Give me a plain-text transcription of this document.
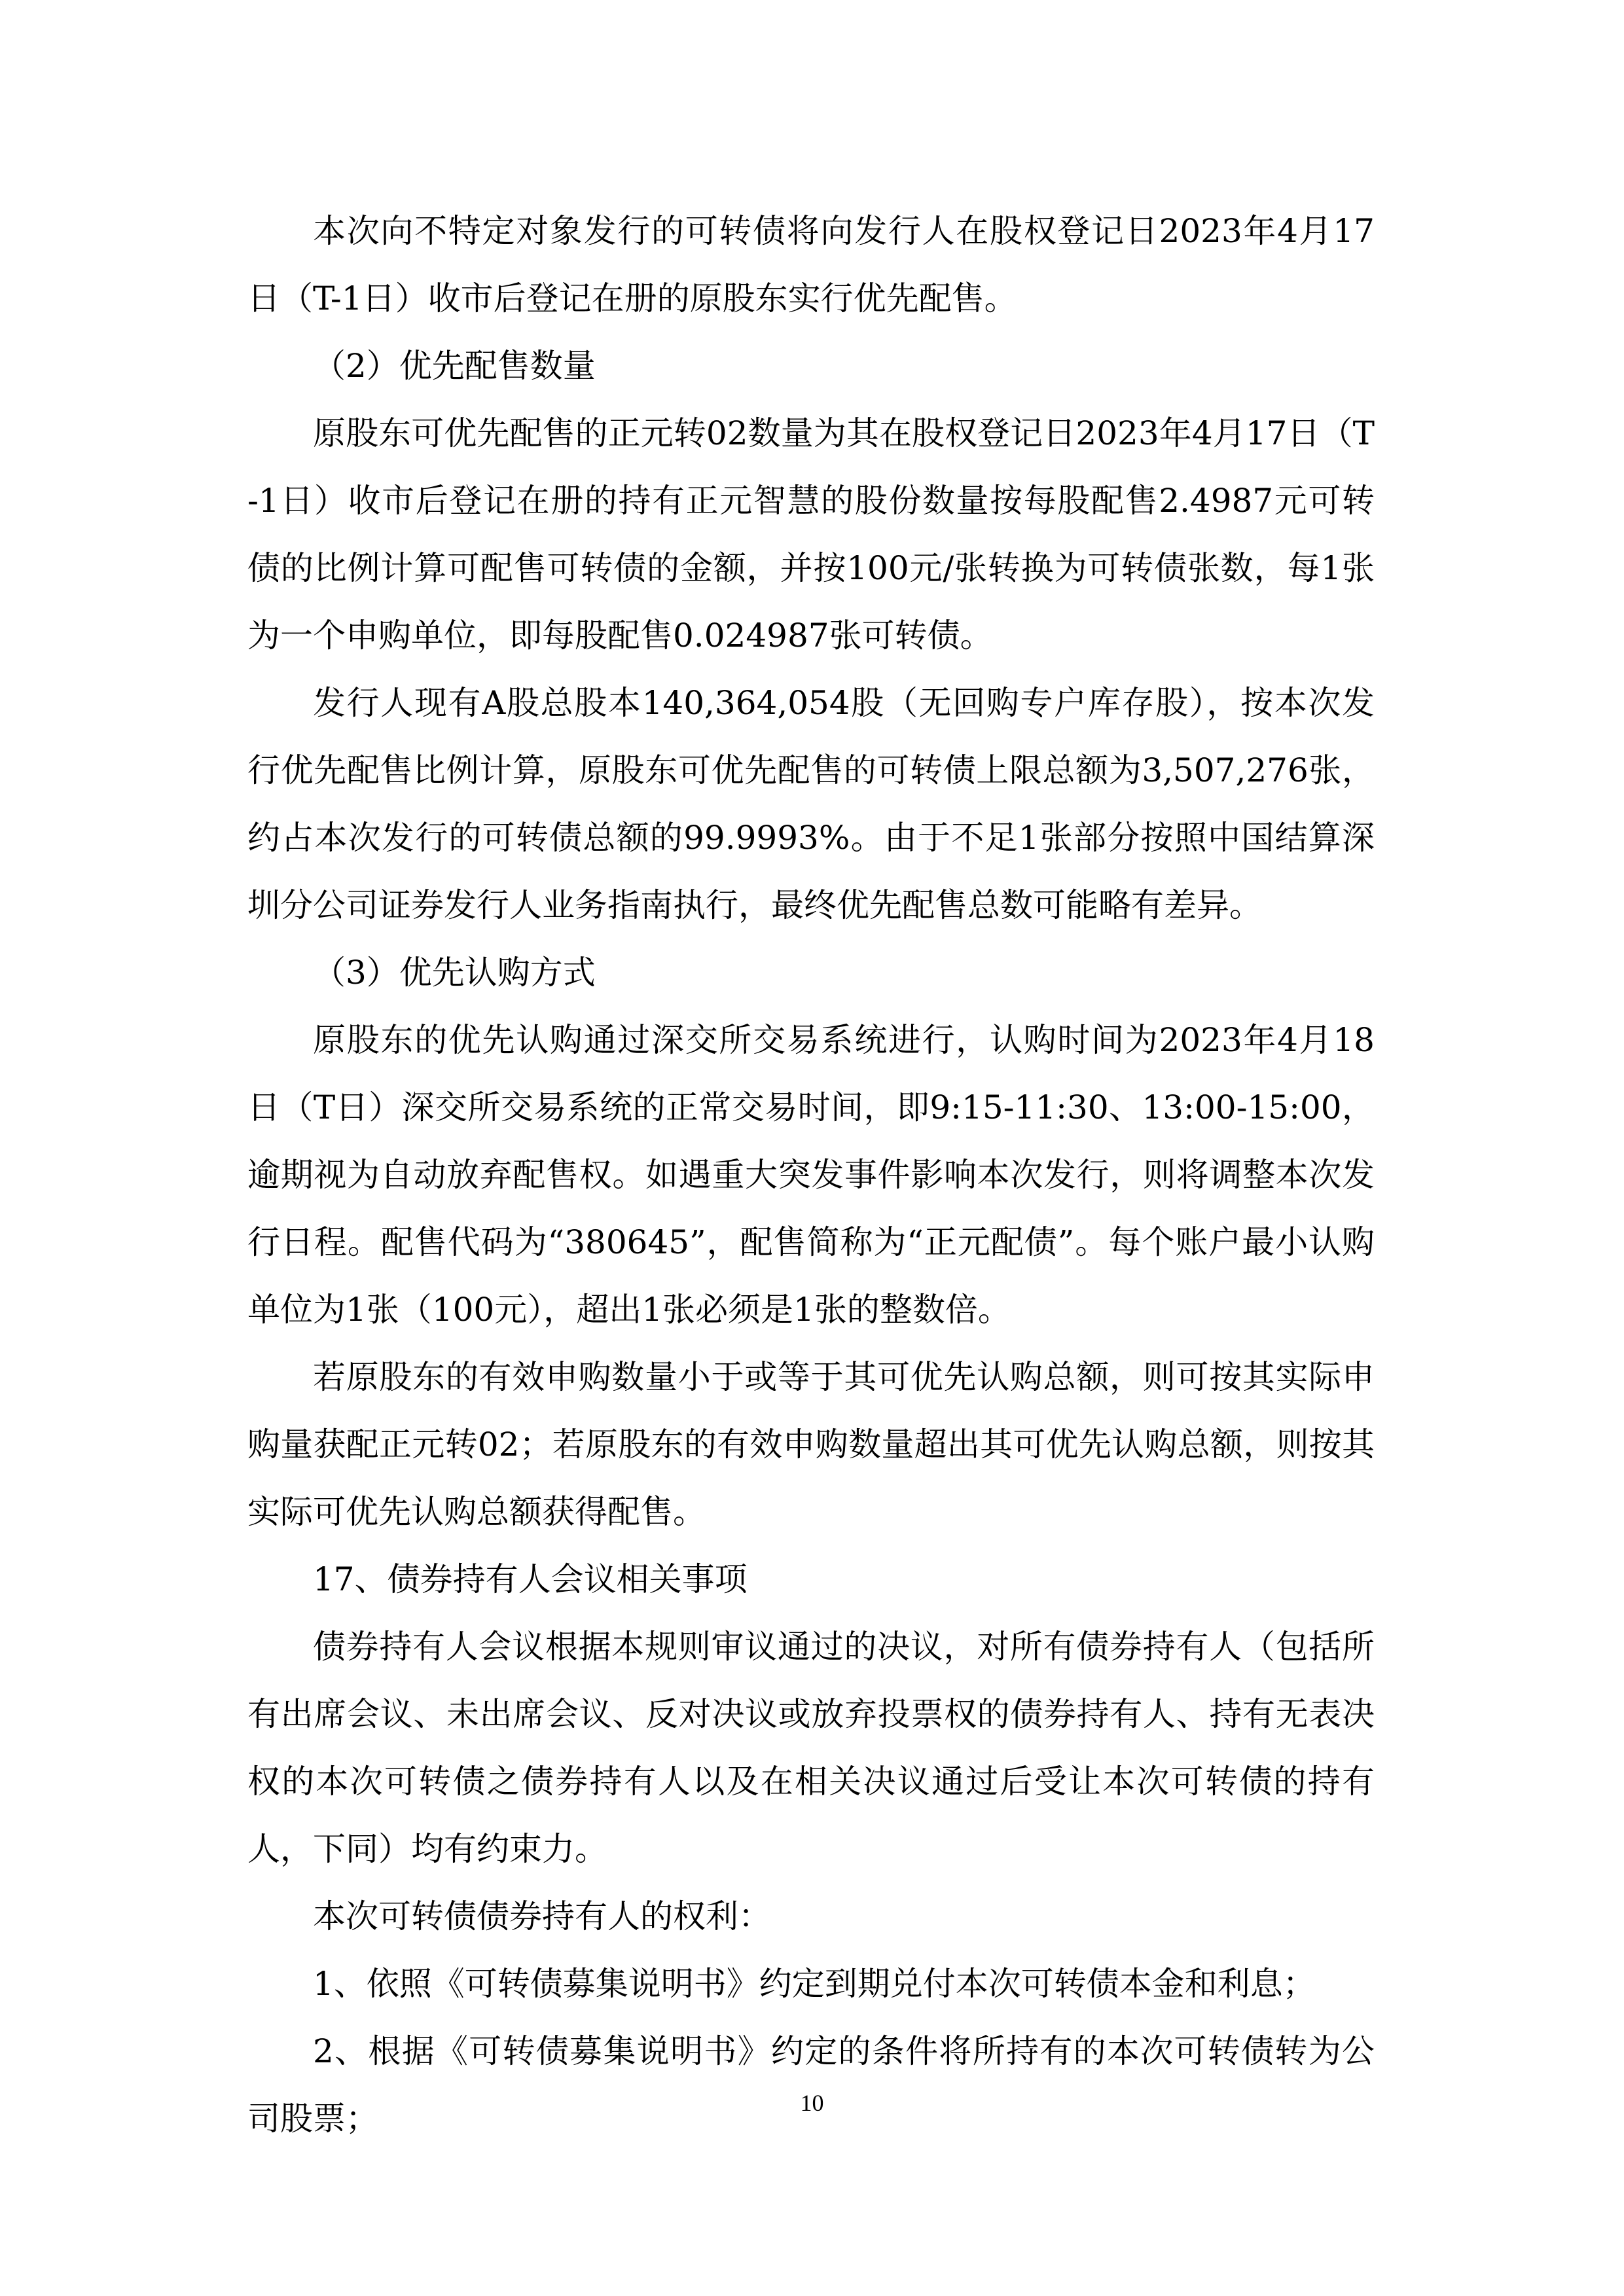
本次向不特定对象发行的可转债将向发行人在股权登记日2023年4月17日（T-1日）收市后登记在册的原股东实行优先配售。

（2）优先配售数量

原股东可优先配售的正元转02数量为其在股权登记日2023年4月17日（T-1日）收市后登记在册的持有正元智慧的股份数量按每股配售2.4987元可转债的比例计算可配售可转债的金额，并按100元/张转换为可转债张数，每1张为一个申购单位，即每股配售0.024987张可转债。

发行人现有A股总股本140,364,054股（无回购专户库存股），按本次发行优先配售比例计算，原股东可优先配售的可转债上限总额为3,507,276张，约占本次发行的可转债总额的99.9993%。由于不足1张部分按照中国结算深圳分公司证券发行人业务指南执行，最终优先配售总数可能略有差异。

（3）优先认购方式

原股东的优先认购通过深交所交易系统进行，认购时间为2023年4月18日（T日）深交所交易系统的正常交易时间，即9:15-11:30、13:00-15:00，逾期视为自动放弃配售权。如遇重大突发事件影响本次发行，则将调整本次发行日程。配售代码为“380645”，配售简称为“正元配债”。每个账户最小认购单位为1张（100元），超出1张必须是1张的整数倍。

若原股东的有效申购数量小于或等于其可优先认购总额，则可按其实际申购量获配正元转02；若原股东的有效申购数量超出其可优先认购总额，则按其实际可优先认购总额获得配售。

17、债券持有人会议相关事项

债券持有人会议根据本规则审议通过的决议，对所有债券持有人（包括所有出席会议、未出席会议、反对决议或放弃投票权的债券持有人、持有无表决权的本次可转债之债券持有人以及在相关决议通过后受让本次可转债的持有人，下同）均有约束力。

本次可转债债券持有人的权利：

1、依照《可转债募集说明书》约定到期兑付本次可转债本金和利息；

2、根据《可转债募集说明书》约定的条件将所持有的本次可转债转为公司股票；	10
